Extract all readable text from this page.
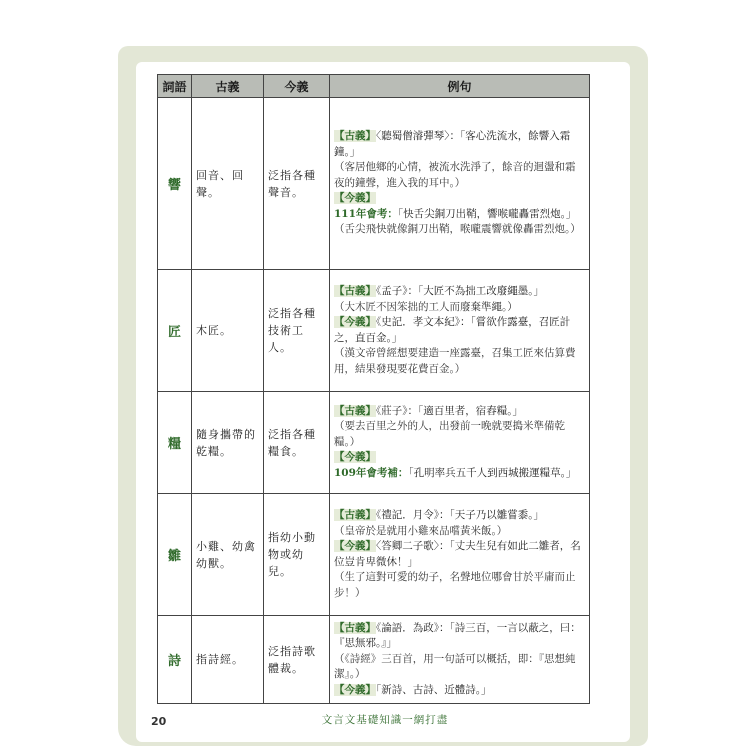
詞語	古義	今義	例句
響	回音、回聲。	泛指各種聲音。	【古義】〈聽蜀僧濬彈琴〉：「客心洗流水，餘響入霜鐘。」
（客居他鄉的心情，被流水洗淨了，餘音的迴盪和霜夜的鐘聲，進入我的耳中。）
【今義】
111年會考：「快舌尖銅刀出鞘，響喉嚨轟雷烈炮。」
（舌尖飛快就像銅刀出鞘，喉嚨震響就像轟雷烈炮。）

匠	木匠。	泛指各種技術工人。	【古義】《孟子》：「大匠不為拙工改廢繩墨。」
（大木匠不因笨拙的工人而廢棄準繩。）
【今義】《史記．孝文本紀》：「嘗欲作露臺，召匠計之，直百金。」
（漢文帝曾經想要建造一座露臺，召集工匠來估算費用，結果發現要花費百金。）

糧	隨身攜帶的乾糧。	泛指各種糧食。	【古義】《莊子》：「適百里者，宿舂糧。」
（要去百里之外的人，出發前一晚就要搗米準備乾糧。）
【今義】
109年會考補：「孔明率兵五千人到西城搬運糧草。」

雛	小雞、幼禽幼獸。	指幼小動物或幼兒。	【古義】《禮記．月令》：「天子乃以雛嘗黍。」
（皇帝於是就用小雞來品嚐黃米飯。）
【今義】〈答卿二子歌〉：「丈夫生兒有如此二雛者，名位豈肯卑微休！」
（生了這對可愛的幼子，名聲地位哪會甘於平庸而止步！）

詩	指詩經。	泛指詩歌體裁。	【古義】《論語．為政》：「詩三百，一言以蔽之，曰：『思無邪。』」
（《詩經》三百首，用一句話可以概括，即：『思想純潔』。）
【今義】「新詩、古詩、近體詩。」
20	文言文基礎知識一網打盡
